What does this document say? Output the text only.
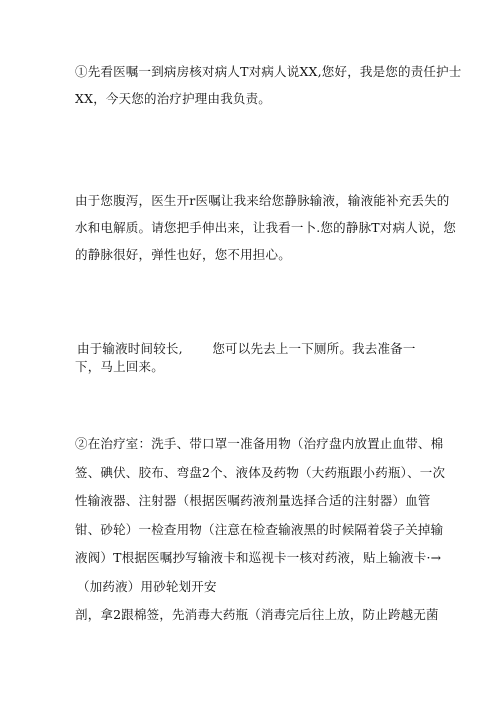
①先看医嘱一到病房核对病人T对病人说XX,您好，我是您的责任护士
XX，今天您的治疗护理由我负责。

由于您腹泻，医生开r医嘱让我来给您静脉输液，输液能补充丢失的
水和电解质。请您把手伸出来，让我看一卜.您的静脉T对病人说，您
的静脉很好，弹性也好，您不用担心。

由于输液时间较长,　　 您可以先去上一下厕所。我去准备一
下，马上回来。

②在治疗室：洗手、带口罩一准备用物（治疗盘内放置止血带、棉
签、碘伏、胶布、弯盘2个、液体及药物（大药瓶跟小药瓶）、一次
性输液器、注射器（根据医嘱药液剂量选择合适的注射器）血管
钳、砂轮）一检查用物（注意在检查输液黑的时候隔着袋子关掉输
液阀）T根据医嘱抄写输液卡和巡视卡一核对药液，贴上输液卡·→
（加药液）用砂轮划开安
剖，拿2跟棉签，先消毒大药瓶（消毒完后往上放，防止跨越无菌
